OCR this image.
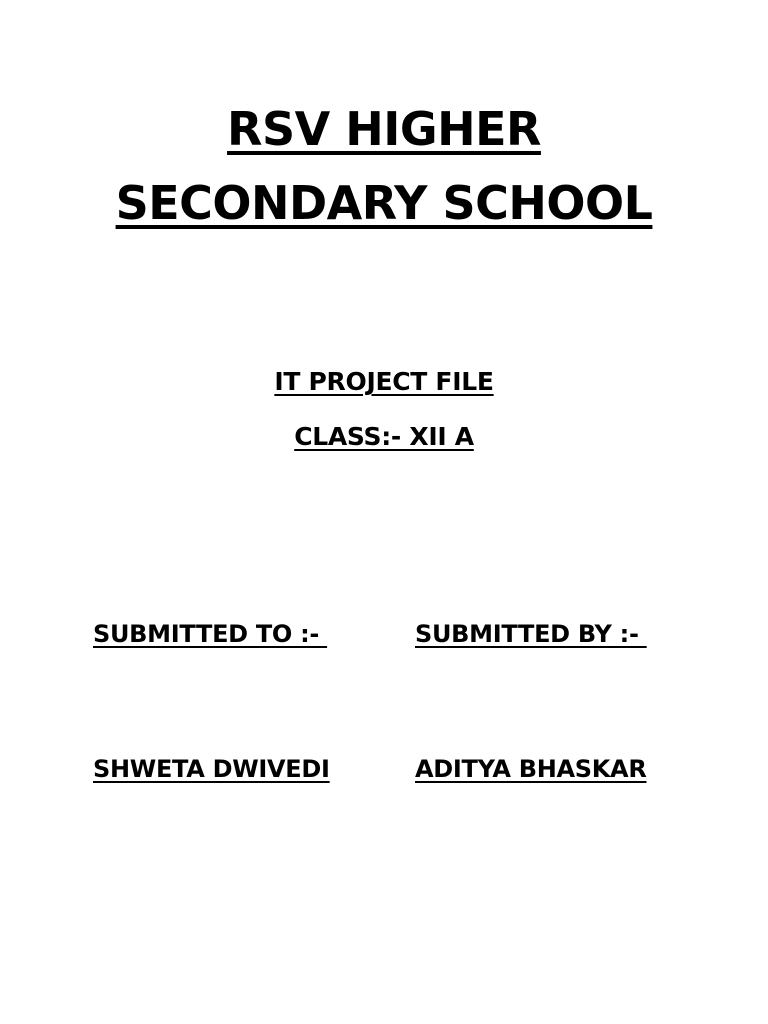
RSV HIGHER
SECONDARY SCHOOL
IT PROJECT FILE
CLASS:- XII A

SUBMITTED TO :-

SHWETA DWIVEDI

SUBMITTED BY :-

ADITYA BHASKAR
